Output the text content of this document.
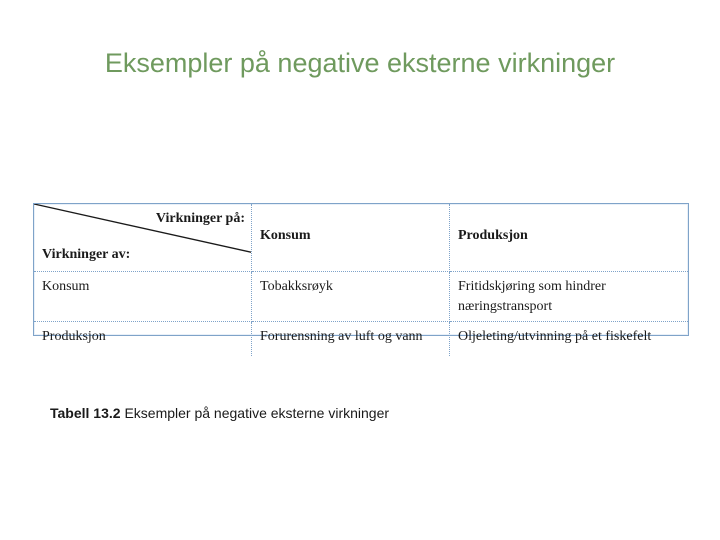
Eksempler på negative eksterne virkninger
Virkninger på:
Virkninger av:	Konsum	Produksjon
Konsum	Tobakksrøyk	Fritidskjøring som hindrer næringstransport
Produksjon	Forurensning av luft og vann	Oljeleting/utvinning på et fiskefelt
Tabell 13.2 Eksempler på negative eksterne virkninger
